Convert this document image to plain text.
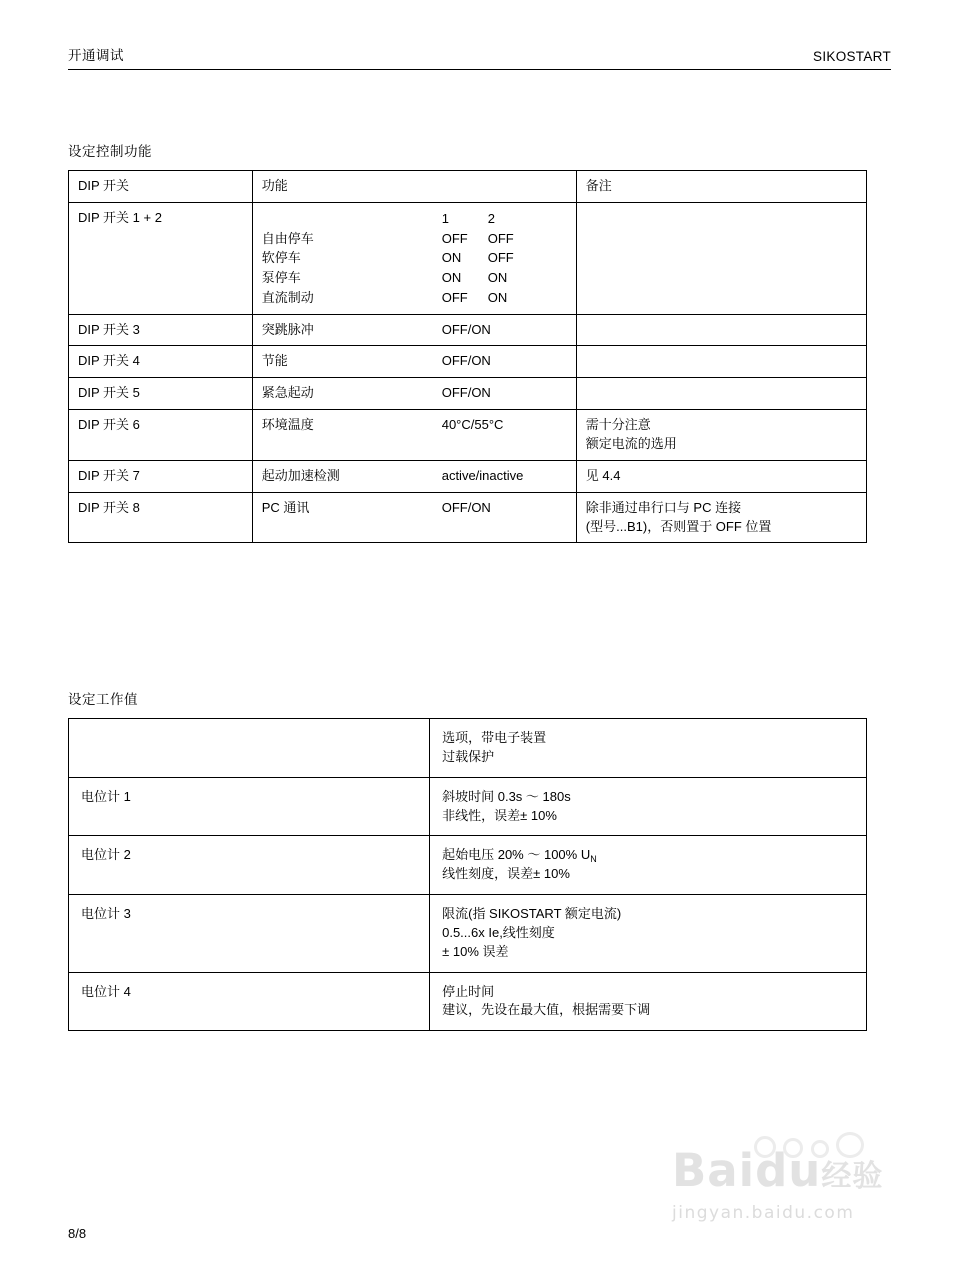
开通调试	SIKOSTART
设定控制功能
DIP 开关	功能	备注
DIP 开关 1 + 2	1	2
自由停车	OFF	OFF
软停车	ON	OFF
泵停车	ON	ON
直流制动	OFF	ON

DIP 开关 3	突跳脉冲 OFF/ON	

DIP 开关 4	节能 OFF/ON	

DIP 开关 5	紧急起动 OFF/ON	

DIP 开关 6	环境温度	40°C/55°C	需十分注意
额定电流的选用

DIP 开关 7	起动加速检测 active/inactive	见 4.4
DIP 开关 8	PC 通讯	OFF/ON	除非通过串行口与 PC 连接
(型号...B1)，否则置于 OFF 位置
设定工作值

	选项，带电子装置
过载保护

电位计 1	斜坡时间 0.3s ～ 180s
非线性，误差± 10%

电位计 2	起始电压 20% ～ 100% $U_N$
线性刻度，误差± 10%

电位计 3	限流(指 SIKOSTART 额定电流)
0.5...6x Ie,线性刻度
± 10% 误差

电位计 4	停止时间
建议，先设在最大值，根据需要下调

Baidu经验
jingyan.baidu.com
8/8
